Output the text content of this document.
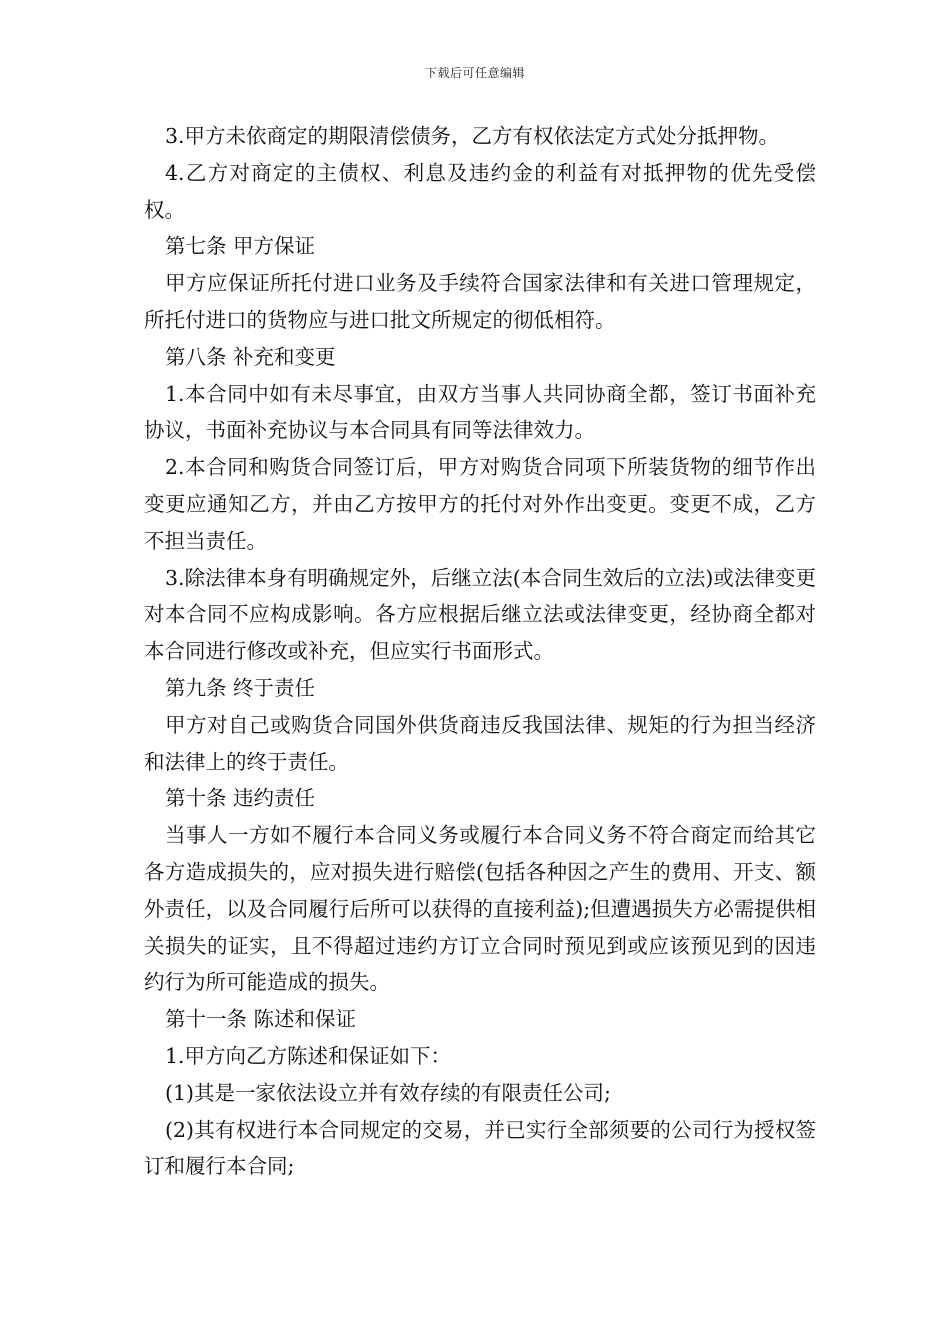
下载后可任意编辑

3.甲方未依商定的期限清偿债务，乙方有权依法定方式处分抵押物。

4.乙方对商定的主债权、利息及违约金的利益有对抵押物的优先受偿权。

第七条 甲方保证

甲方应保证所托付进口业务及手续符合国家法律和有关进口管理规定，所托付进口的货物应与进口批文所规定的彻低相符。

第八条 补充和变更

1.本合同中如有未尽事宜，由双方当事人共同协商全都，签订书面补充协议，书面补充协议与本合同具有同等法律效力。

2.本合同和购货合同签订后，甲方对购货合同项下所装货物的细节作出变更应通知乙方，并由乙方按甲方的托付对外作出变更。变更不成，乙方不担当责任。

3.除法律本身有明确规定外，后继立法(本合同生效后的立法)或法律变更对本合同不应构成影响。各方应根据后继立法或法律变更，经协商全都对本合同进行修改或补充，但应实行书面形式。

第九条 终于责任

甲方对自己或购货合同国外供货商违反我国法律、规矩的行为担当经济和法律上的终于责任。

第十条 违约责任

当事人一方如不履行本合同义务或履行本合同义务不符合商定而给其它各方造成损失的，应对损失进行赔偿(包括各种因之产生的费用、开支、额外责任，以及合同履行后所可以获得的直接利益);但遭遇损失方必需提供相关损失的证实，且不得超过违约方订立合同时预见到或应该预见到的因违约行为所可能造成的损失。

第十一条 陈述和保证

1.甲方向乙方陈述和保证如下：

(1)其是一家依法设立并有效存续的有限责任公司;

(2)其有权进行本合同规定的交易，并已实行全部须要的公司行为授权签订和履行本合同;
